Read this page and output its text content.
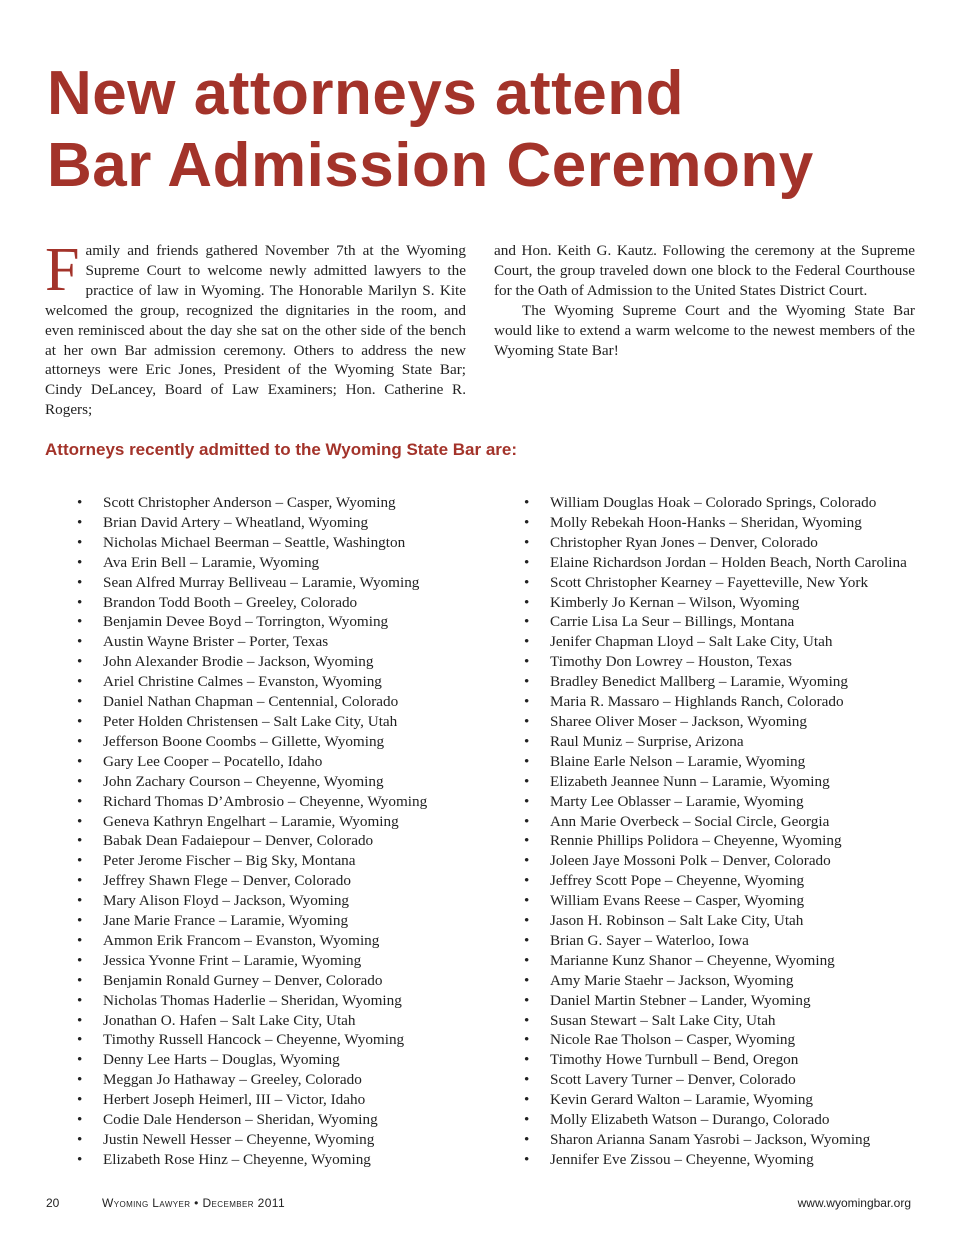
New attorneys attend
Bar Admission Ceremony

Family and friends gathered November 7th at the Wyoming Supreme Court to welcome newly admitted lawyers to the practice of law in Wyoming. The Honorable Marilyn S. Kite welcomed the group, recognized the dignitaries in the room, and even reminisced about the day she sat on the other side of the bench at her own Bar admission ceremony. Others to address the new attorneys were Eric Jones, President of the Wyoming State Bar; Cindy DeLancey, Board of Law Examiners; Hon. Catherine R. Rogers;

and Hon. Keith G. Kautz. Following the ceremony at the Supreme Court, the group traveled down one block to the Federal Courthouse for the Oath of Admission to the United States District Court.

The Wyoming Supreme Court and the Wyoming State Bar would like to extend a warm welcome to the newest members of the Wyoming State Bar!

Attorneys recently admitted to the Wyoming State Bar are:
• Scott Christopher Anderson – Casper, Wyoming
• Brian David Artery – Wheatland, Wyoming
• Nicholas Michael Beerman – Seattle, Washington
• Ava Erin Bell – Laramie, Wyoming
• Sean Alfred Murray Belliveau – Laramie, Wyoming
• Brandon Todd Booth – Greeley, Colorado
• Benjamin Devee Boyd – Torrington, Wyoming
• Austin Wayne Brister – Porter, Texas
• John Alexander Brodie – Jackson, Wyoming
• Ariel Christine Calmes – Evanston, Wyoming
• Daniel Nathan Chapman – Centennial, Colorado
• Peter Holden Christensen – Salt Lake City, Utah
• Jefferson Boone Coombs – Gillette, Wyoming
• Gary Lee Cooper – Pocatello, Idaho
• John Zachary Courson – Cheyenne, Wyoming
• Richard Thomas D’Ambrosio – Cheyenne, Wyoming
• Geneva Kathryn Engelhart – Laramie, Wyoming
• Babak Dean Fadaiepour – Denver, Colorado
• Peter Jerome Fischer – Big Sky, Montana
• Jeffrey Shawn Flege – Denver, Colorado
• Mary Alison Floyd – Jackson, Wyoming
• Jane Marie France – Laramie, Wyoming
• Ammon Erik Francom – Evanston, Wyoming
• Jessica Yvonne Frint – Laramie, Wyoming
• Benjamin Ronald Gurney – Denver, Colorado
• Nicholas Thomas Haderlie – Sheridan, Wyoming
• Jonathan O. Hafen – Salt Lake City, Utah
• Timothy Russell Hancock – Cheyenne, Wyoming
• Denny Lee Harts – Douglas, Wyoming
• Meggan Jo Hathaway – Greeley, Colorado
• Herbert Joseph Heimerl, III – Victor, Idaho
• Codie Dale Henderson – Sheridan, Wyoming
• Justin Newell Hesser – Cheyenne, Wyoming
• Elizabeth Rose Hinz – Cheyenne, Wyoming
• William Douglas Hoak – Colorado Springs, Colorado
• Molly Rebekah Hoon-Hanks – Sheridan, Wyoming
• Christopher Ryan Jones – Denver, Colorado
• Elaine Richardson Jordan – Holden Beach, North Carolina
• Scott Christopher Kearney – Fayetteville, New York
• Kimberly Jo Kernan – Wilson, Wyoming
• Carrie Lisa La Seur – Billings, Montana
• Jenifer Chapman Lloyd – Salt Lake City, Utah
• Timothy Don Lowrey – Houston, Texas
• Bradley Benedict Mallberg – Laramie, Wyoming
• Maria R. Massaro – Highlands Ranch, Colorado
• Sharee Oliver Moser – Jackson, Wyoming
• Raul Muniz – Surprise, Arizona
• Blaine Earle Nelson – Laramie, Wyoming
• Elizabeth Jeannee Nunn – Laramie, Wyoming
• Marty Lee Oblasser – Laramie, Wyoming
• Ann Marie Overbeck – Social Circle, Georgia
• Rennie Phillips Polidora – Cheyenne, Wyoming
• Joleen Jaye Mossoni Polk – Denver, Colorado
• Jeffrey Scott Pope – Cheyenne, Wyoming
• William Evans Reese – Casper, Wyoming
• Jason H. Robinson – Salt Lake City, Utah
• Brian G. Sayer – Waterloo, Iowa
• Marianne Kunz Shanor – Cheyenne, Wyoming
• Amy Marie Staehr – Jackson, Wyoming
• Daniel Martin Stebner – Lander, Wyoming
• Susan Stewart – Salt Lake City, Utah
• Nicole Rae Tholson – Casper, Wyoming
• Timothy Howe Turnbull – Bend, Oregon
• Scott Lavery Turner – Denver, Colorado
• Kevin Gerard Walton – Laramie, Wyoming
• Molly Elizabeth Watson – Durango, Colorado
• Sharon Arianna Sanam Yasrobi – Jackson, Wyoming
• Jennifer Eve Zissou – Cheyenne, Wyoming
20	Wyoming Lawyer • December 2011	www.wyomingbar.org
